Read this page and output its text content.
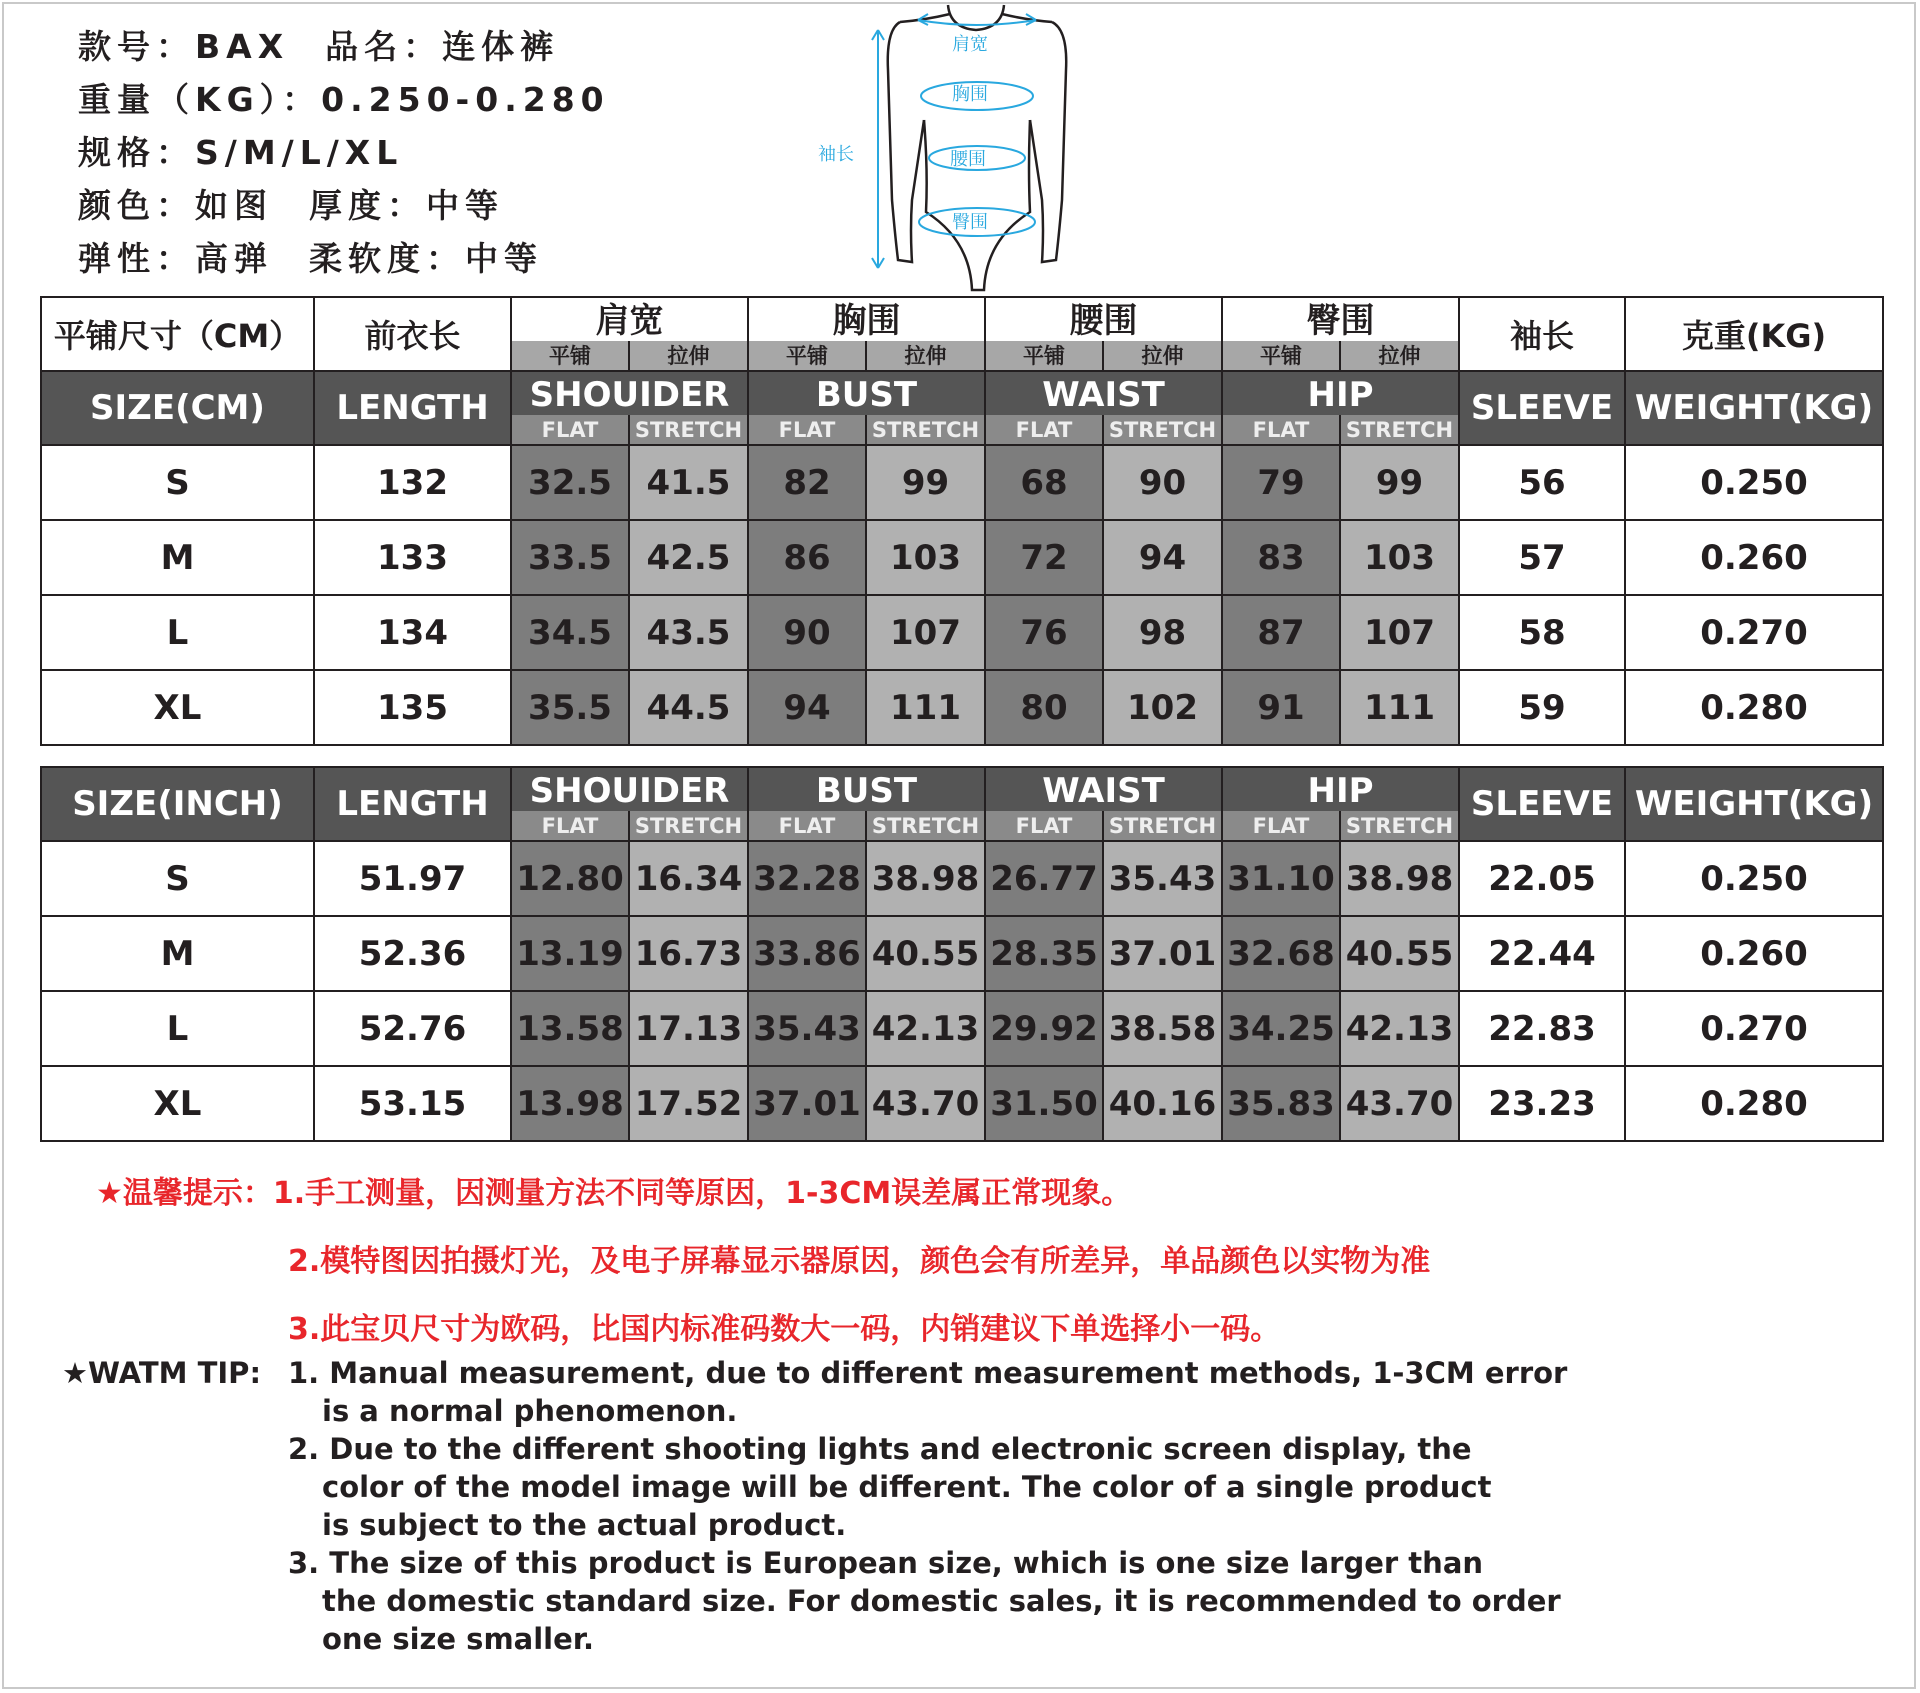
款号：BAX 品名：连体裤
重量（KG）：0.250-0.280
规格：S/M/L/XL
颜色：如图 厚度：中等
弹性：高弹 柔软度：中等
肩宽
胸围
腰围
臀围
袖长
平铺尺寸（CM）	前衣长	肩宽		胸围		腰围		臀围		袖长	克重(KG)
		平铺	拉伸	平铺	拉伸	平铺	拉伸	平铺	拉伸		
SIZE(CM)	LENGTH	SHOUIDER		BUST		WAIST		HIP		SLEEVE	WEIGHT(KG)
		FLAT	STRETCH	FLAT	STRETCH	FLAT	STRETCH	FLAT	STRETCH		
S	132	32.5	41.5	82	99	68	90	79	99	56	0.250
M	133	33.5	42.5	86	103	72	94	83	103	57	0.260
L	134	34.5	43.5	90	107	76	98	87	107	58	0.270
XL	135	35.5	44.5	94	111	80	102	91	111	59	0.280
SIZE(INCH)	LENGTH	SHOUIDER		BUST		WAIST		HIP		SLEEVE	WEIGHT(KG)
		FLAT	STRETCH	FLAT	STRETCH	FLAT	STRETCH	FLAT	STRETCH		
S	51.97	12.80	16.34	32.28	38.98	26.77	35.43	31.10	38.98	22.05	0.250
M	52.36	13.19	16.73	33.86	40.55	28.35	37.01	32.68	40.55	22.44	0.260
L	52.76	13.58	17.13	35.43	42.13	29.92	38.58	34.25	42.13	22.83	0.270
XL	53.15	13.98	17.52	37.01	43.70	31.50	40.16	35.83	43.70	23.23	0.280
★温馨提示：1.手工测量，因测量方法不同等原因，1-3CM误差属正常现象。
2.模特图因拍摄灯光，及电子屏幕显示器原因，颜色会有所差异，单品颜色以实物为准
3.此宝贝尺寸为欧码，比国内标准码数大一码，内销建议下单选择小一码。
★WATM TIP: 1. Manual measurement, due to different measurement methods, 1-3CM error
is a normal phenomenon.
2. Due to the different shooting lights and electronic screen display, the
color of the model image will be different. The color of a single product
is subject to the actual product.
3. The size of this product is European size, which is one size larger than
the domestic standard size. For domestic sales, it is recommended to order
one size smaller.
